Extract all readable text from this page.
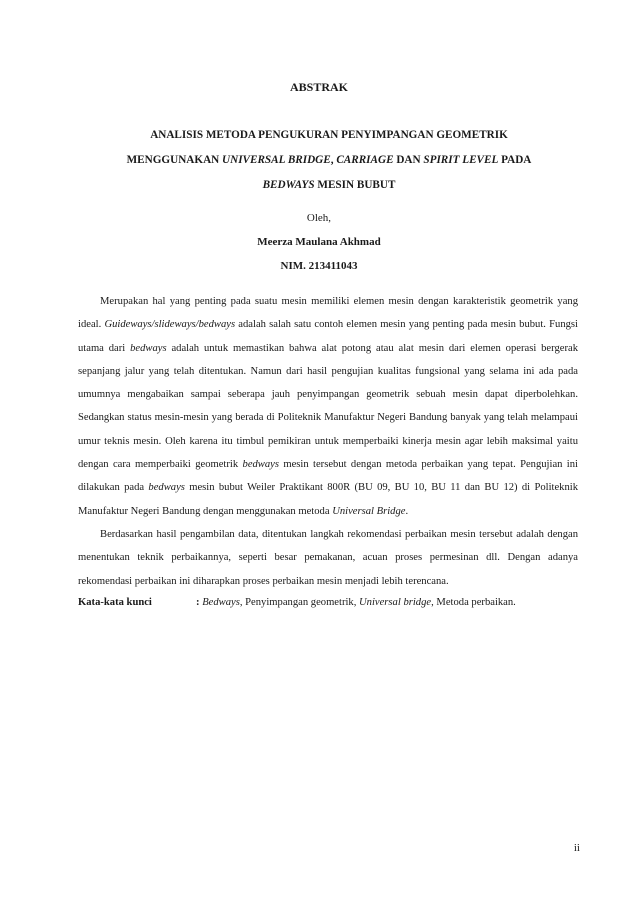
ABSTRAK
ANALISIS METODA PENGUKURAN PENYIMPANGAN GEOMETRIK
MENGGUNAKAN UNIVERSAL BRIDGE, CARRIAGE DAN SPIRIT LEVEL PADA
BEDWAYS MESIN BUBUT
Oleh,
Meerza Maulana Akhmad
NIM. 213411043

Merupakan hal yang penting pada suatu mesin memiliki elemen mesin dengan karakteristik geometrik yang ideal. Guideways/slideways/bedways adalah salah satu contoh elemen mesin yang penting pada mesin bubut. Fungsi utama dari bedways adalah untuk memastikan bahwa alat potong atau alat mesin dari elemen operasi bergerak sepanjang jalur yang telah ditentukan. Namun dari hasil pengujian kualitas fungsional yang selama ini ada pada umumnya mengabaikan sampai seberapa jauh penyimpangan geometrik sebuah mesin dapat diperbolehkan. Sedangkan status mesin-mesin yang berada di Politeknik Manufaktur Negeri Bandung banyak yang telah melampaui umur teknis mesin. Oleh karena itu timbul pemikiran untuk memperbaiki kinerja mesin agar lebih maksimal yaitu dengan cara memperbaiki geometrik bedways mesin tersebut dengan metoda perbaikan yang tepat. Pengujian ini dilakukan pada bedways mesin bubut Weiler Praktikant 800R (BU 09, BU 10, BU 11 dan BU 12) di Politeknik Manufaktur Negeri Bandung dengan menggunakan metoda Universal Bridge.

Berdasarkan hasil pengambilan data, ditentukan langkah rekomendasi perbaikan mesin tersebut adalah dengan menentukan teknik perbaikannya, seperti besar pemakanan, acuan proses permesinan dll. Dengan adanya rekomendasi perbaikan ini diharapkan proses perbaikan mesin menjadi lebih terencana.

Kata-kata kunci	: Bedways, Penyimpangan geometrik, Universal bridge, Metoda perbaikan.
ii
